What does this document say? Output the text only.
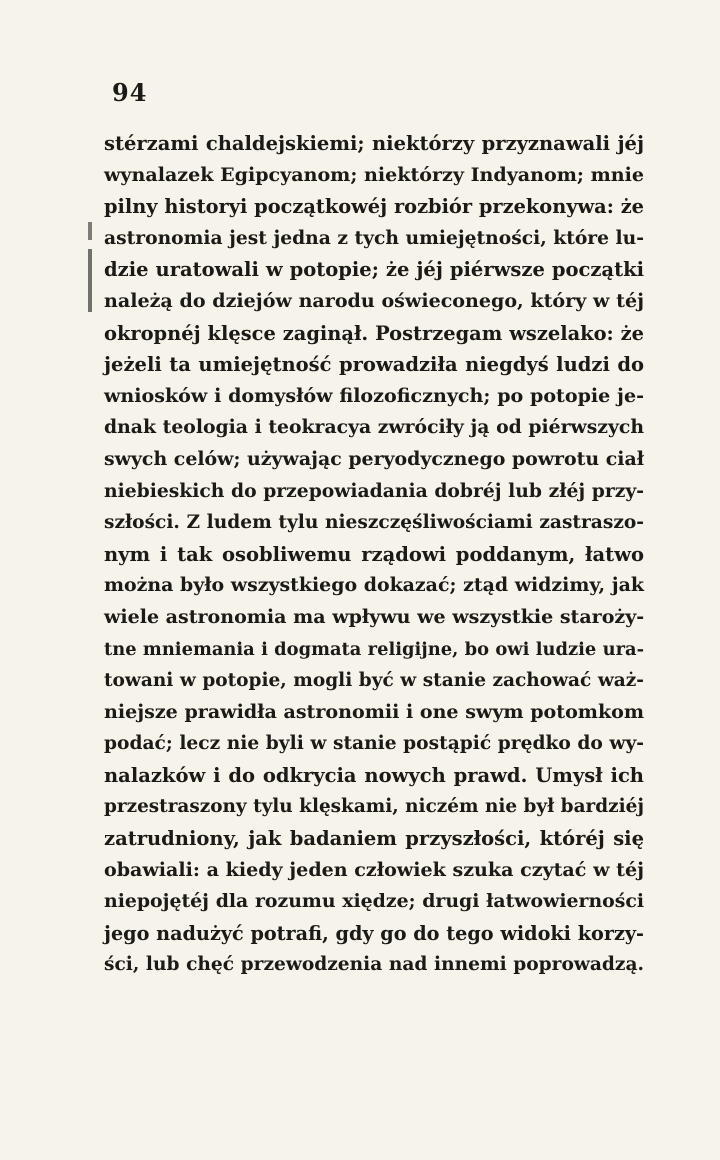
94
stérzami chaldejskiemi; niektórzy przyznawali jéj
wynalazek Egipcyanom; niektórzy Indyanom; mnie
pilny historyi początkowéj rozbiór przekonywa: że
astronomia jest jedna z tych umiejętności, które lu-
dzie uratowali w potopie; że jéj piérwsze początki
należą do dziejów narodu oświeconego, który w téj
okropnéj klęsce zaginął. Postrzegam wszelako: że
jeżeli ta umiejętność prowadziła niegdyś ludzi do
wniosków i domysłów filozoficznych; po potopie je-
dnak teologia i teokracya zwróciły ją od piérwszych
swych celów; używając peryodycznego powrotu ciał
niebieskich do przepowiadania dobréj lub złéj przy-
szłości. Z ludem tylu nieszczęśliwościami zastraszo-
nym i tak osobliwemu rządowi poddanym, łatwo
można było wszystkiego dokazać; ztąd widzimy, jak
wiele astronomia ma wpływu we wszystkie staroży-
tne mniemania i dogmata religijne, bo owi ludzie ura-
towani w potopie, mogli być w stanie zachować waż-
niejsze prawidła astronomii i one swym potomkom
podać; lecz nie byli w stanie postąpić prędko do wy-
nalazków i do odkrycia nowych prawd. Umysł ich
przestraszony tylu klęskami, niczém nie był bardziéj
zatrudniony, jak badaniem przyszłości, któréj się
obawiali: a kiedy jeden człowiek szuka czytać w téj
niepojętéj dla rozumu xiędze; drugi łatwowierności
jego nadużyć potrafi, gdy go do tego widoki korzy-
ści, lub chęć przewodzenia nad innemi poprowadzą.
